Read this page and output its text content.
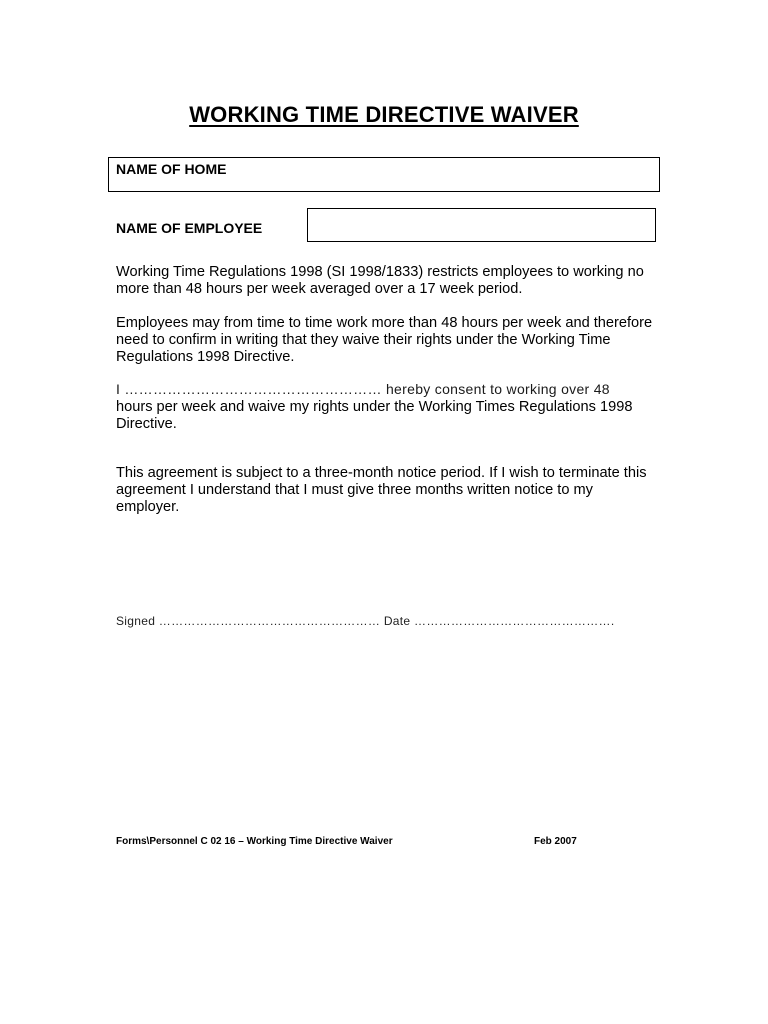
WORKING TIME DIRECTIVE WAIVER
NAME OF HOME
NAME OF EMPLOYEE

Working Time Regulations 1998 (SI 1998/1833) restricts employees to working no more than 48 hours per week averaged over a 17 week period.

Employees may from time to time work more than 48 hours per week and therefore need to confirm in writing that they waive their rights under the Working Time Regulations 1998 Directive.

I ……………………………………………… hereby consent to working over 48

hours per week and waive my rights under the Working Times Regulations 1998 Directive.

This agreement is subject to a three-month notice period. If I wish to terminate this agreement I understand that I must give three months written notice to my employer.

Signed ……………………………………………… Date ………………………………………….
Forms\Personnel C 02 16 – Working Time Directive Waiver	Feb 2007
